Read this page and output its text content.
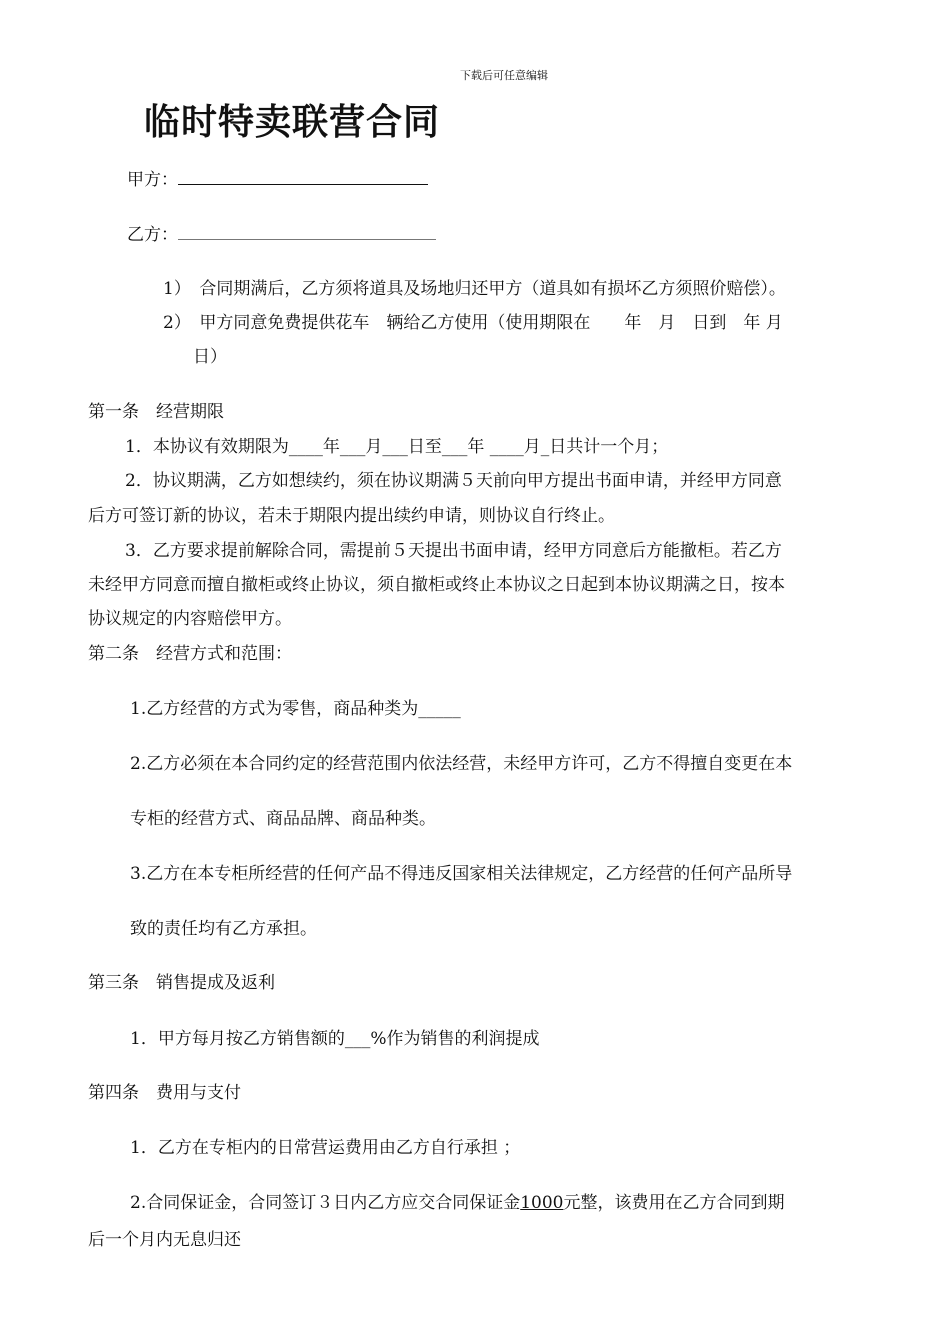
下载后可任意编辑
临时特卖联营合同
甲方：
乙方：
1）　合同期满后，乙方须将道具及场地归还甲方（道具如有损坏乙方须照价赔偿）。
2）　甲方同意免费提供花车　辆给乙方使用（使用期限在　　年　月　日到　年 月
日）
第一条　经营期限
1．本协议有效期限为____年___月___日至___年 ____月_日共计一个月；
2．协议期满，乙方如想续约，须在协议期满５天前向甲方提出书面申请，并经甲方同意
后方可签订新的协议，若未于期限内提出续约申请，则协议自行终止。
3．乙方要求提前解除合同，需提前５天提出书面申请，经甲方同意后方能撤柜。若乙方
未经甲方同意而擅自撤柜或终止协议，须自撤柜或终止本协议之日起到本协议期满之日，按本
协议规定的内容赔偿甲方。
第二条　经营方式和范围：
1.乙方经营的方式为零售，商品种类为_____
2.乙方必须在本合同约定的经营范围内依法经营，未经甲方许可，乙方不得擅自变更在本
专柜的经营方式、商品品牌、商品种类。
3.乙方在本专柜所经营的任何产品不得违反国家相关法律规定，乙方经营的任何产品所导
致的责任均有乙方承担。
第三条　销售提成及返利
1．甲方每月按乙方销售额的___%作为销售的利润提成
第四条　费用与支付
1．乙方在专柜内的日常营运费用由乙方自行承担 ；
2.合同保证金，合同签订３日内乙方应交合同保证金1000元整，该费用在乙方合同到期
后一个月内无息归还
